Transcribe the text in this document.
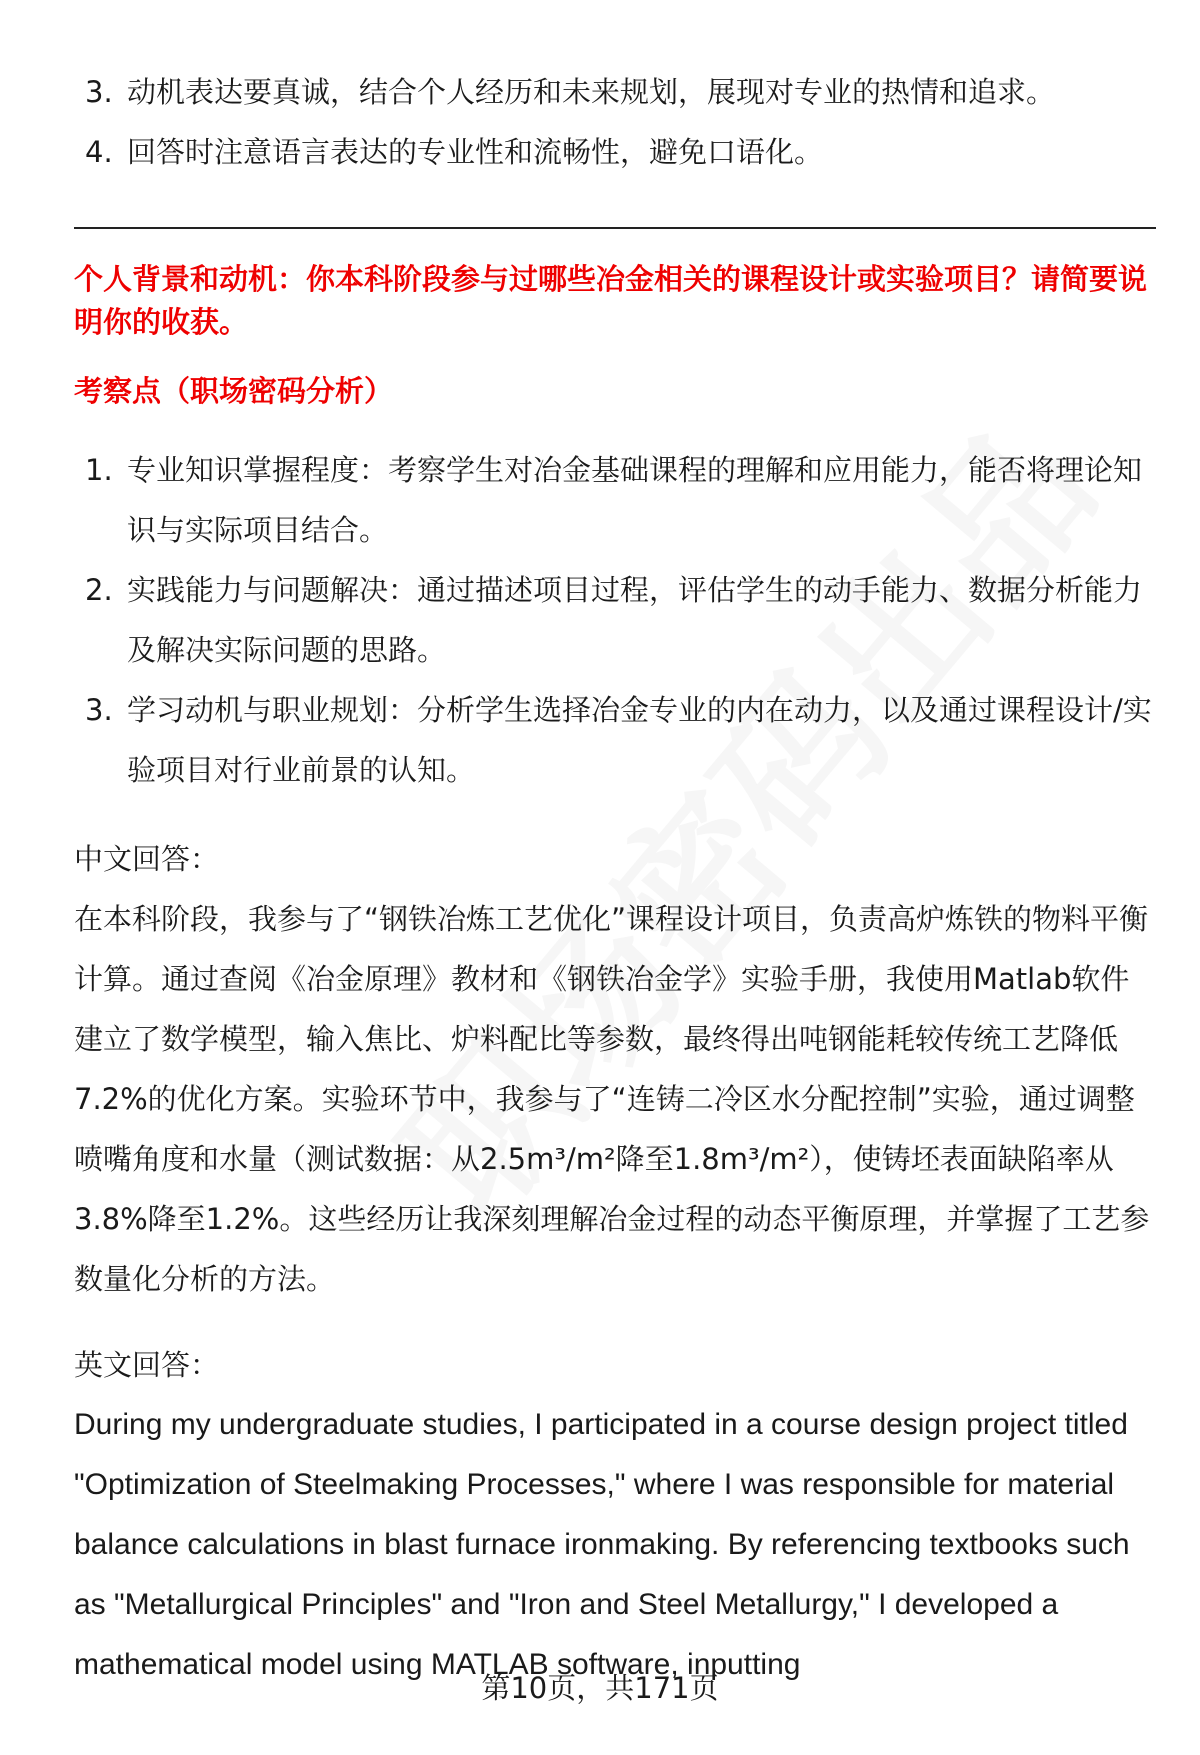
3. 动机表达要真诚，结合个人经历和未来规划，展现对专业的热情和追求。
4. 回答时注意语言表达的专业性和流畅性，避免口语化。
个人背景和动机：你本科阶段参与过哪些冶金相关的课程设计或实验项目？请简要说明你的收获。
考察点（职场密码分析）
1. 专业知识掌握程度：考察学生对冶金基础课程的理解和应用能力，能否将理论知识与实际项目结合。
2. 实践能力与问题解决：通过描述项目过程，评估学生的动手能力、数据分析能力及解决实际问题的思路。
3. 学习动机与职业规划：分析学生选择冶金专业的内在动力，以及通过课程设计/实验项目对行业前景的认知。
中文回答：
在本科阶段，我参与了“钢铁冶炼工艺优化”课程设计项目，负责高炉炼铁的物料平衡计算。通过查阅《冶金原理》教材和《钢铁冶金学》实验手册，我使用Matlab软件建立了数学模型，输入焦比、炉料配比等参数，最终得出吨钢能耗较传统工艺降低7.2%的优化方案。实验环节中，我参与了“连铸二冷区水分配控制”实验，通过调整喷嘴角度和水量（测试数据：从2.5m³/m²降至1.8m³/m²），使铸坯表面缺陷率从3.8%降至1.2%。这些经历让我深刻理解冶金过程的动态平衡原理，并掌握了工艺参数量化分析的方法。
英文回答：
During my undergraduate studies, I participated in a course design project titled "Optimization of Steelmaking Processes," where I was responsible for material balance calculations in blast furnace ironmaking. By referencing textbooks such as "Metallurgical Principles" and "Iron and Steel Metallurgy," I developed a mathematical model using MATLAB software, inputting
第10页，共171页
